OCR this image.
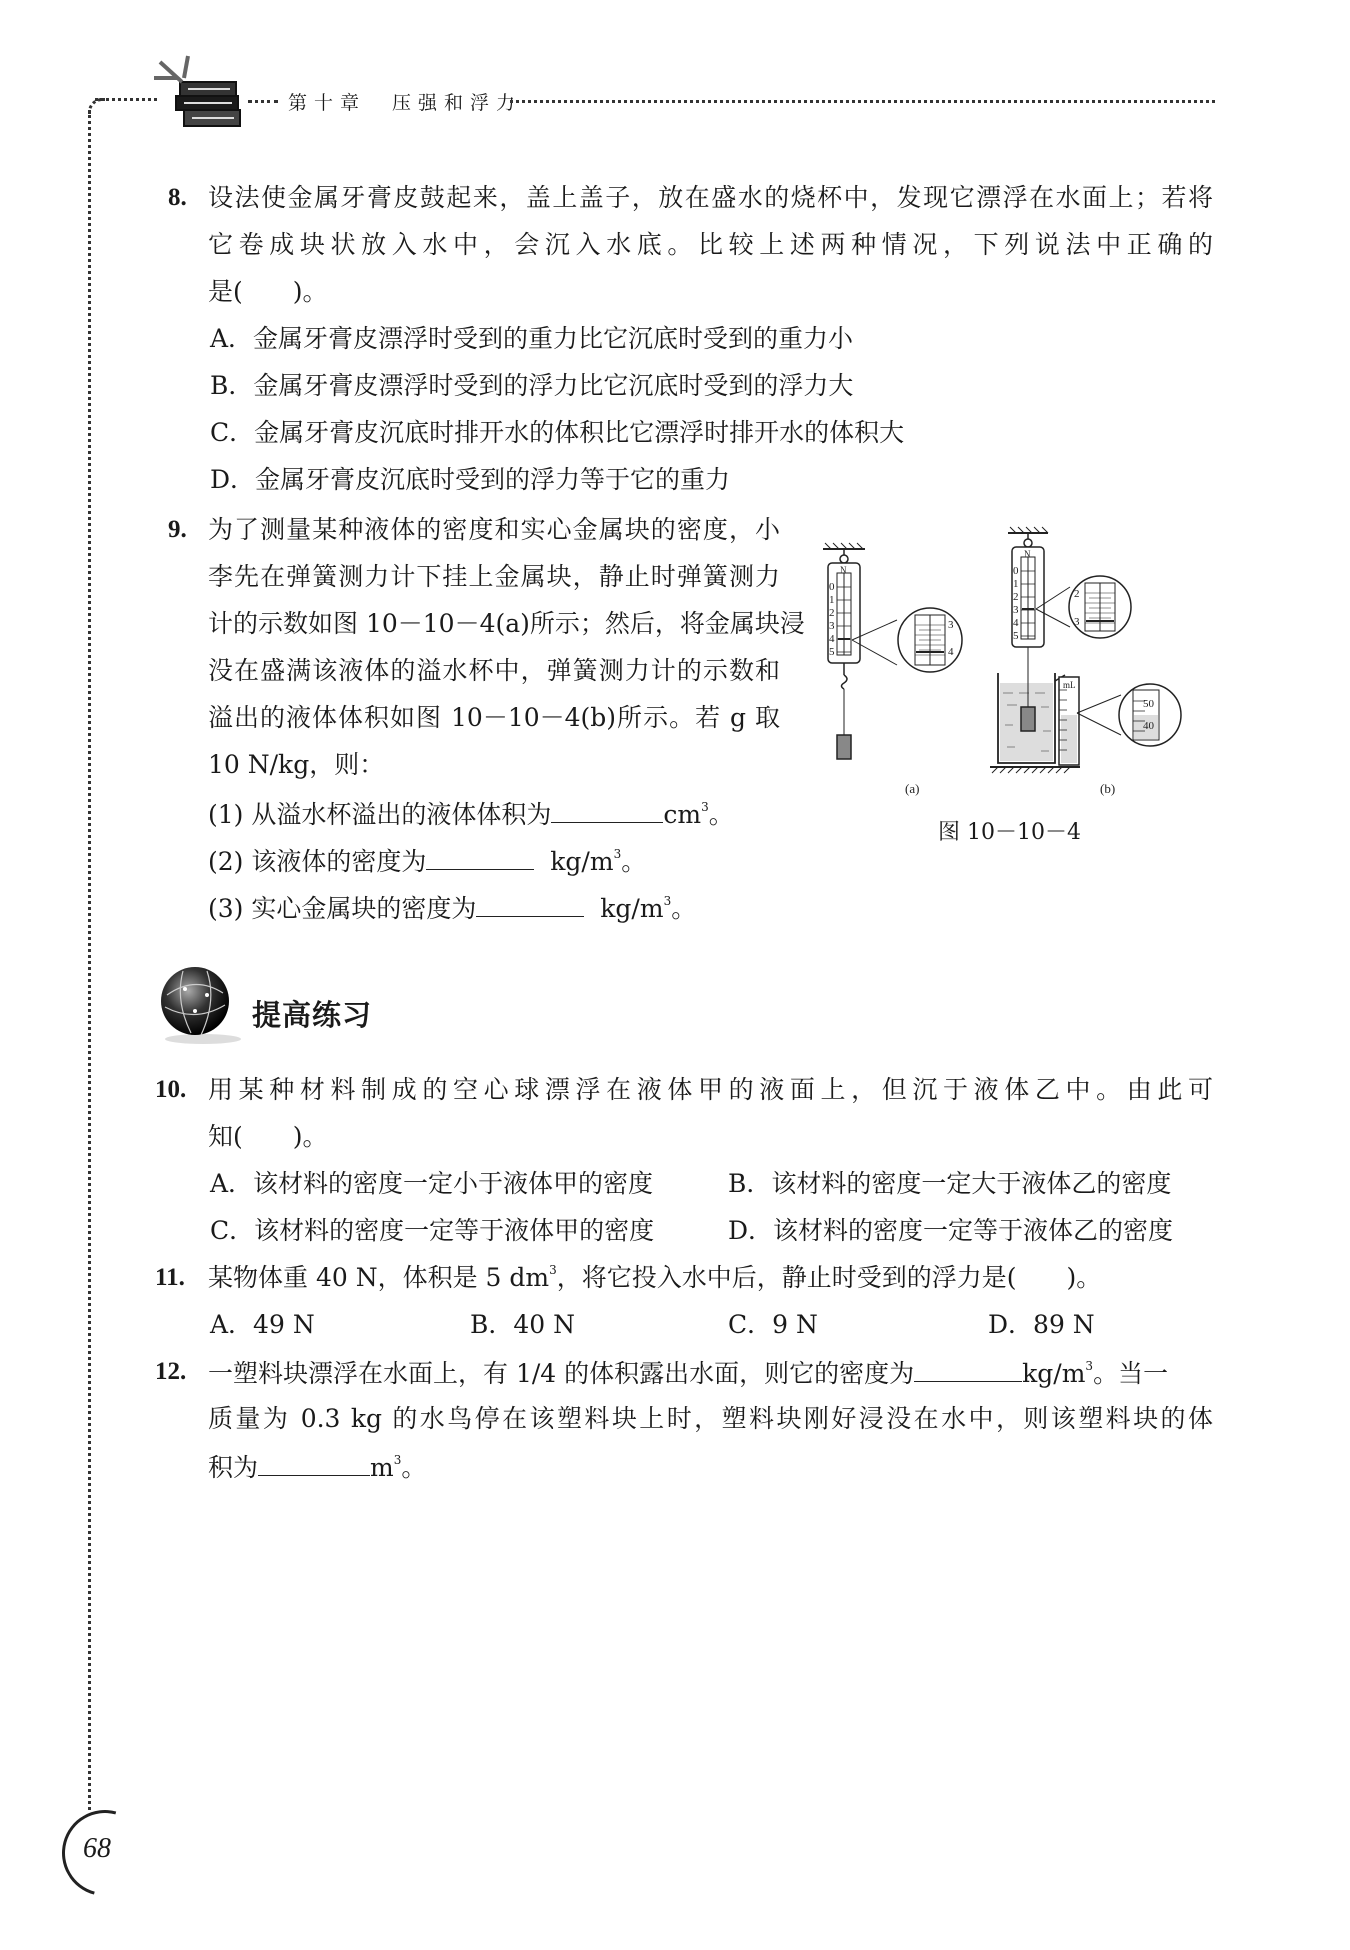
第十章　压强和浮力
8. 设法使金属牙膏皮鼓起来，盖上盖子，放在盛水的烧杯中，发现它漂浮在水面上；若将
它卷成块状放入水中，会沉入水底。比较上述两种情况，下列说法中正确的
是(　　)。
A．金属牙膏皮漂浮时受到的重力比它沉底时受到的重力小
B．金属牙膏皮漂浮时受到的浮力比它沉底时受到的浮力大
C．金属牙膏皮沉底时排开水的体积比它漂浮时排开水的体积大
D．金属牙膏皮沉底时受到的浮力等于它的重力
9. 为了测量某种液体的密度和实心金属块的密度，小
李先在弹簧测力计下挂上金属块，静止时弹簧测力
计的示数如图 10－10－4(a)所示；然后，将金属块浸
没在盛满该液体的溢水杯中，弹簧测力计的示数和
溢出的液体体积如图 10－10－4(b)所示。若 g 取
10 N/kg，则：
(1) 从溢水杯溢出的液体体积为	$cm^3$。
(2) 该液体的密度为	$kg/m^3$。
(3) 实心金属块的密度为	$kg/m^3$。
N
0
1
2
3
4
5
3
4
(a)
N
0
1
2
3
4
5
2
3
mL
50
40
(b)
图 10－10－4
提高练习
10. 用某种材料制成的空心球漂浮在液体甲的液面上，但沉于液体乙中。由此可
知(　　)。
A．该材料的密度一定小于液体甲的密度	B．该材料的密度一定大于液体乙的密度
C．该材料的密度一定等于液体甲的密度	D．该材料的密度一定等于液体乙的密度
11. 某物体重 40 N，体积是 5 $dm^3$，将它投入水中后，静止时受到的浮力是(　　)。
A．49 N	B．40 N	C．9 N	D．89 N
12. 一塑料块漂浮在水面上，有 1/4 的体积露出水面，则它的密度为	$kg/m^3$。当一
质量为 0.3 kg 的水鸟停在该塑料块上时，塑料块刚好浸没在水中，则该塑料块的体
积为	$m^3$。
68
